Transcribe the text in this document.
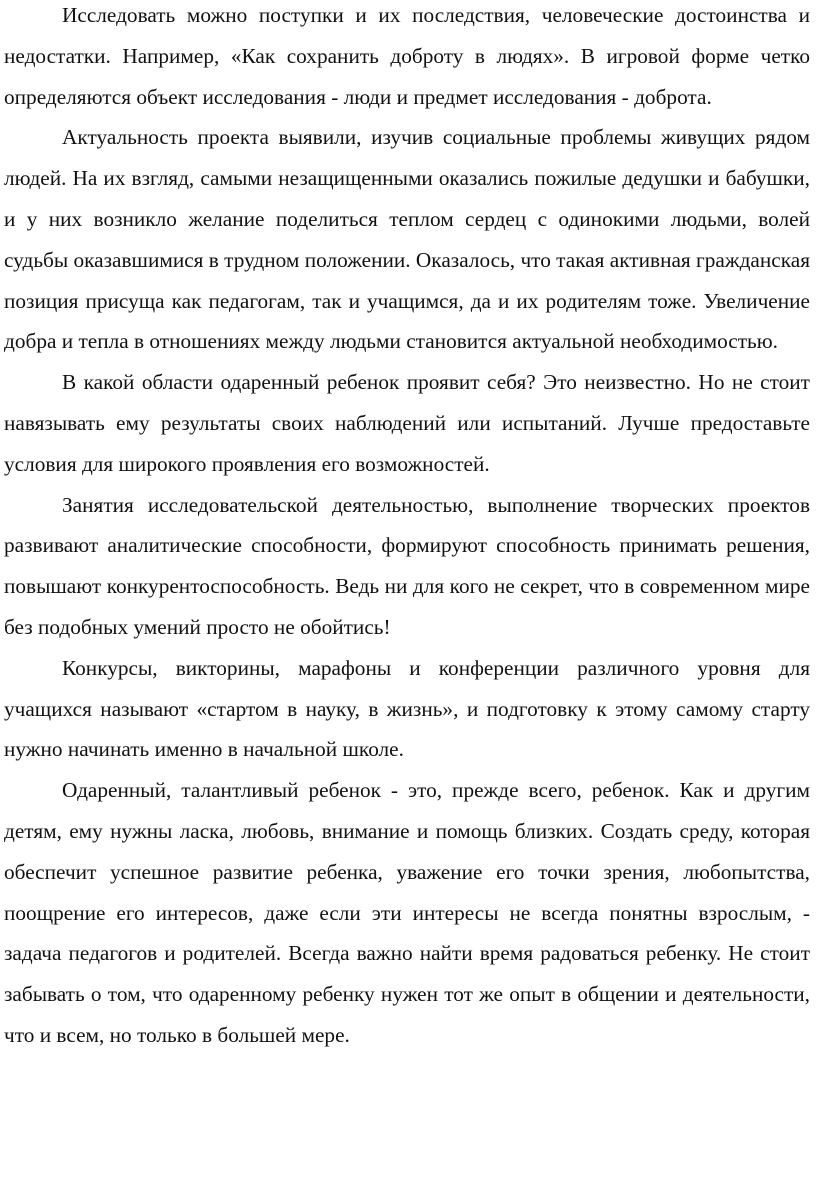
Исследовать можно поступки и их последствия, человеческие достоинства и недостатки. Например, «Как сохранить доброту в людях». В игровой форме четко определяются объект исследования - люди и предмет исследования - доброта.

Актуальность проекта выявили, изучив социальные проблемы живущих рядом людей. На их взгляд, самыми незащищенными оказались пожилые дедушки и бабушки, и у них возникло желание поделиться теплом сердец с одинокими людьми, волей судьбы оказавшимися в трудном положении. Оказалось, что такая активная гражданская позиция присуща как педагогам, так и учащимся, да и их родителям тоже. Увеличение добра и тепла в отношениях между людьми становится актуальной необходимостью.

В какой области одаренный ребенок проявит себя? Это неизвестно. Но не стоит навязывать ему результаты своих наблюдений или испытаний. Лучше предоставьте условия для широкого проявления его возможностей.

Занятия исследовательской деятельностью, выполнение творческих проектов развивают аналитические способности, формируют способность принимать решения, повышают конкурентоспособность. Ведь ни для кого не секрет, что в современном мире без подобных умений просто не обойтись!

Конкурсы, викторины, марафоны и конференции различного уровня для учащихся называют «стартом в науку, в жизнь», и подготовку к этому самому старту нужно начинать именно в начальной школе.

Одаренный, талантливый ребенок - это, прежде всего, ребенок. Как и другим детям, ему нужны ласка, любовь, внимание и помощь близких. Создать среду, которая обеспечит успешное развитие ребенка, уважение его точки зрения, любопытства, поощрение его интересов, даже если эти интересы не всегда понятны взрослым, - задача педагогов и родителей. Всегда важно найти время радоваться ребенку. Не стоит забывать о том, что одаренному ребенку нужен тот же опыт в общении и деятельности, что и всем, но только в большей мере.
